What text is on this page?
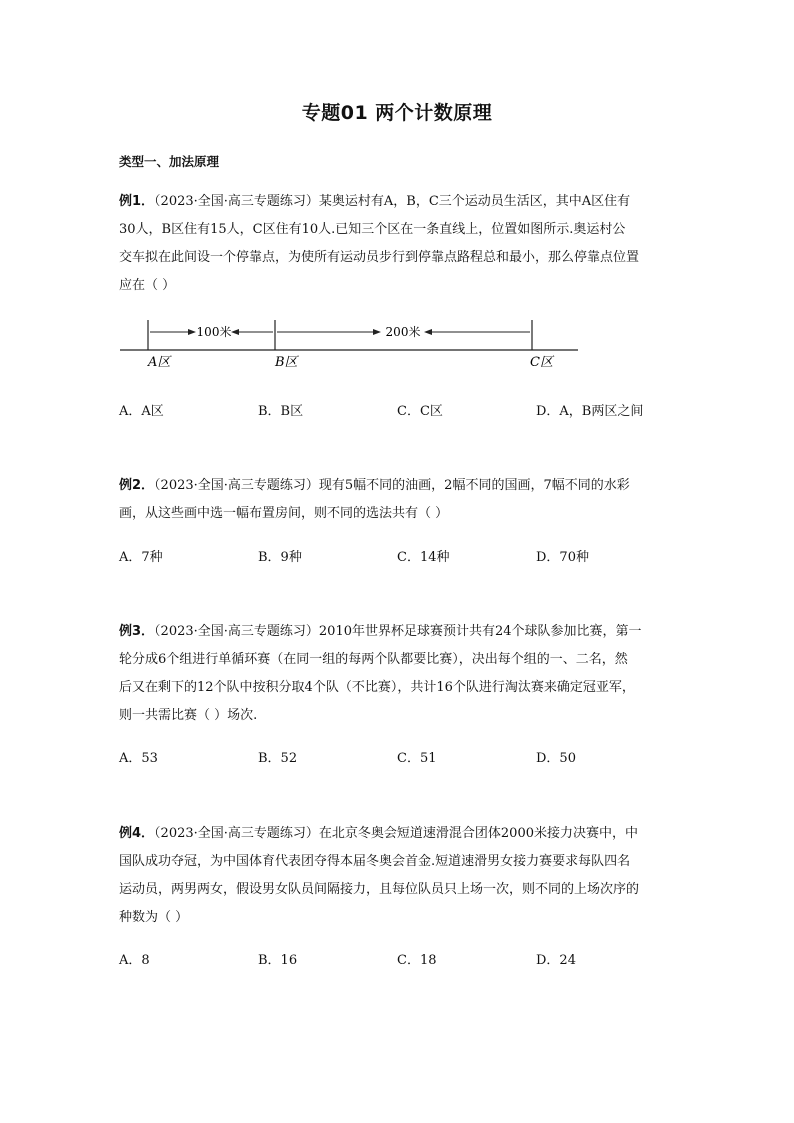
专题01 两个计数原理
类型一、加法原理

例1．（2023·全国·高三专题练习）某奥运村有A，B，C三个运动员生活区，其中A区住有

30人，B区住有15人，C区住有10人.已知三个区在一条直线上，位置如图所示.奥运村公

交车拟在此间设一个停靠点，为使所有运动员步行到停靠点路程总和最小，那么停靠点位置

应在（ ）

100米	200米
A区	B区	C区
A．A区	B．B区	C．C区	D．A，B两区之间

例2．（2023·全国·高三专题练习）现有5幅不同的油画，2幅不同的国画，7幅不同的水彩

画，从这些画中选一幅布置房间，则不同的选法共有（ ）

A．7种	B．9种	C．14种	D．70种

例3．（2023·全国·高三专题练习）2010年世界杯足球赛预计共有24个球队参加比赛，第一

轮分成6个组进行单循环赛（在同一组的每两个队都要比赛），决出每个组的一、二名，然

后又在剩下的12个队中按积分取4个队（不比赛），共计16个队进行淘汰赛来确定冠亚军，

则一共需比赛（ ）场次.

A．53	B．52	C．51	D．50

例4．（2023·全国·高三专题练习）在北京冬奥会短道速滑混合团体2000米接力决赛中，中

国队成功夺冠，为中国体育代表团夺得本届冬奥会首金.短道速滑男女接力赛要求每队四名

运动员，两男两女，假设男女队员间隔接力，且每位队员只上场一次，则不同的上场次序的

种数为（ ）

A．8	B．16	C．18	D．24
